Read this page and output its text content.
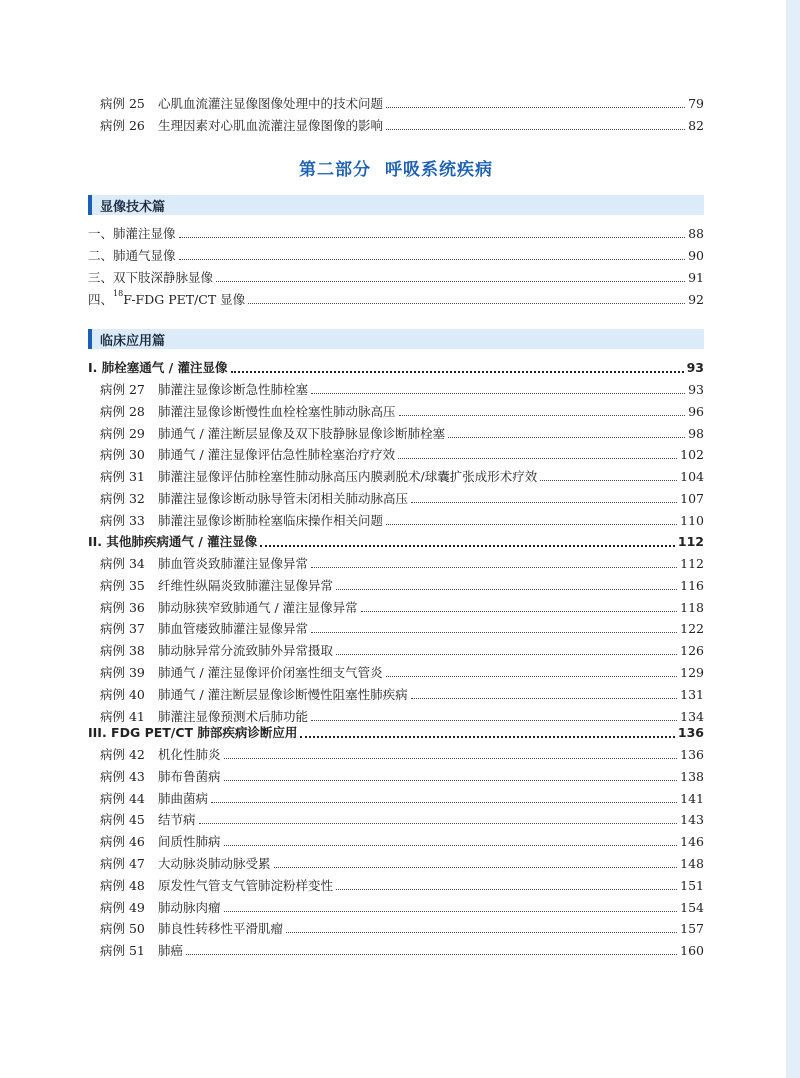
病例 25 心肌血流灌注显像图像处理中的技术问题	79
病例 26 生理因素对心肌血流灌注显像图像的影响	82
第二部分 呼吸系统疾病
显像技术篇
一、肺灌注显像	88
二、肺通气显像	90
三、双下肢深静脉显像	91
四、$^{18}$F-FDG PET/CT 显像	92
临床应用篇
I. 肺栓塞通气 / 灌注显像	93
病例 27 肺灌注显像诊断急性肺栓塞	93
病例 28 肺灌注显像诊断慢性血栓栓塞性肺动脉高压	96
病例 29 肺通气 / 灌注断层显像及双下肢静脉显像诊断肺栓塞	98
病例 30 肺通气 / 灌注显像评估急性肺栓塞治疗疗效	102
病例 31 肺灌注显像评估肺栓塞性肺动脉高压内膜剥脱术/球囊扩张成形术疗效	104
病例 32 肺灌注显像诊断动脉导管未闭相关肺动脉高压	107
病例 33 肺灌注显像诊断肺栓塞临床操作相关问题	110
II. 其他肺疾病通气 / 灌注显像	112
病例 34 肺血管炎致肺灌注显像异常	112
病例 35 纤维性纵隔炎致肺灌注显像异常	116
病例 36 肺动脉狭窄致肺通气 / 灌注显像异常	118
病例 37 肺血管瘘致肺灌注显像异常	122
病例 38 肺动脉异常分流致肺外异常摄取	126
病例 39 肺通气 / 灌注显像评价闭塞性细支气管炎	129
病例 40 肺通气 / 灌注断层显像诊断慢性阻塞性肺疾病	131
病例 41 肺灌注显像预测术后肺功能	134
III. FDG PET/CT 肺部疾病诊断应用	136
病例 42 机化性肺炎	136
病例 43 肺布鲁菌病	138
病例 44 肺曲菌病	141
病例 45 结节病	143
病例 46 间质性肺病	146
病例 47 大动脉炎肺动脉受累	148
病例 48 原发性气管支气管肺淀粉样变性	151
病例 49 肺动脉肉瘤	154
病例 50 肺良性转移性平滑肌瘤	157
病例 51 肺癌	160
